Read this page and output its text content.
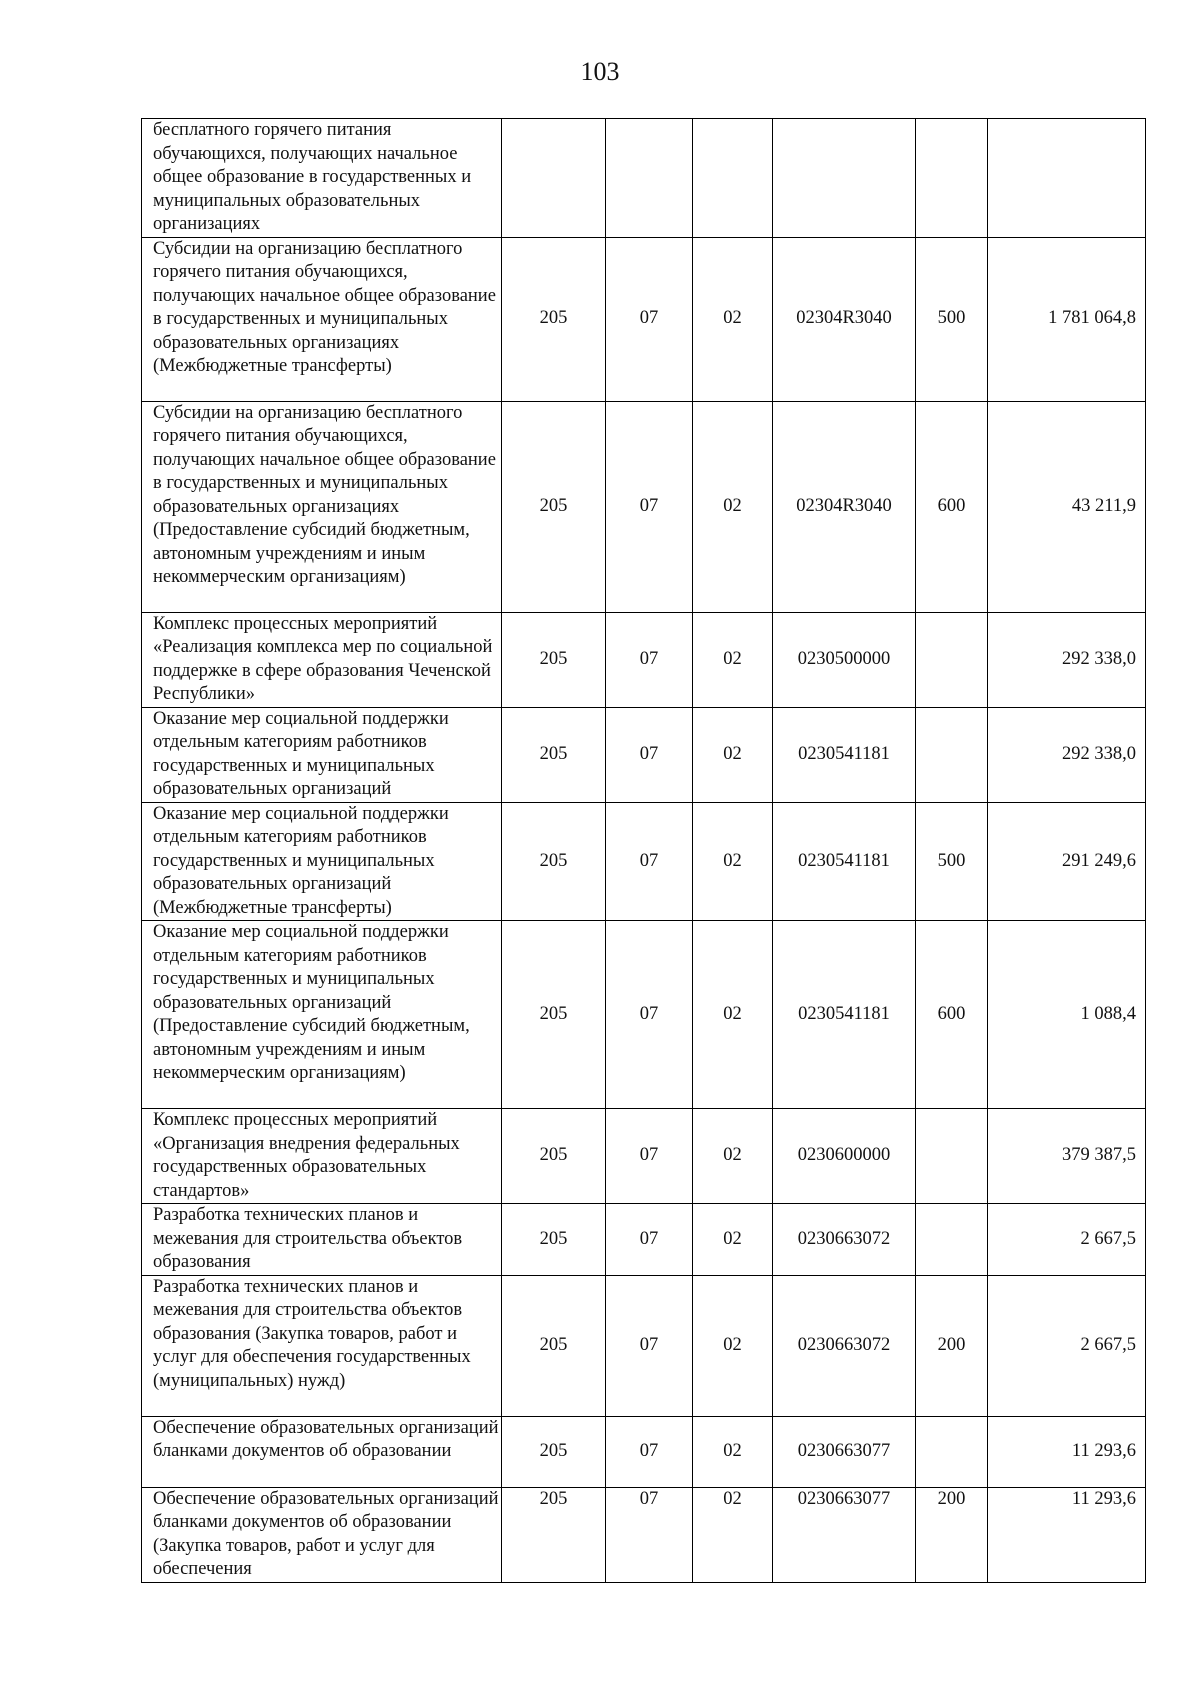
103
бесплатного горячего питания обучающихся, получающих начальное общее образование в государственных и муниципальных образовательных организациях						
Субсидии на организацию бесплатного горячего питания обучающихся, получающих начальное общее образование в государственных и муниципальных образовательных организациях (Межбюджетные трансферты)	205	07	02	02304R3040	500	1 781 064,8
Субсидии на организацию бесплатного горячего питания обучающихся, получающих начальное общее образование в государственных и муниципальных образовательных организациях (Предоставление субсидий бюджетным, автономным учреждениям и иным некоммерческим организациям)	205	07	02	02304R3040	600	43 211,9
Комплекс процессных мероприятий «Реализация комплекса мер по социальной поддержке в сфере образования Чеченской Республики»	205	07	02	0230500000		292 338,0
Оказание мер социальной поддержки отдельным категориям работников государственных и муниципальных образовательных организаций	205	07	02	0230541181		292 338,0
Оказание мер социальной поддержки отдельным категориям работников государственных и муниципальных образовательных организаций (Межбюджетные трансферты)	205	07	02	0230541181	500	291 249,6
Оказание мер социальной поддержки отдельным категориям работников государственных и муниципальных образовательных организаций (Предоставление субсидий бюджетным, автономным учреждениям и иным некоммерческим организациям)	205	07	02	0230541181	600	1 088,4
Комплекс процессных мероприятий «Организация внедрения федеральных государственных образовательных стандартов»	205	07	02	0230600000		379 387,5
Разработка технических планов и межевания для строительства объектов образования	205	07	02	0230663072		2 667,5
Разработка технических планов и межевания для строительства объектов образования (Закупка товаров, работ и услуг для обеспечения государственных (муниципальных) нужд)	205	07	02	0230663072	200	2 667,5
Обеспечение образовательных организаций бланками документов об образовании	205	07	02	0230663077		11 293,6
Обеспечение образовательных организаций бланками документов об образовании (Закупка товаров, работ и услуг для обеспечения	205	07	02	0230663077	200	11 293,6
